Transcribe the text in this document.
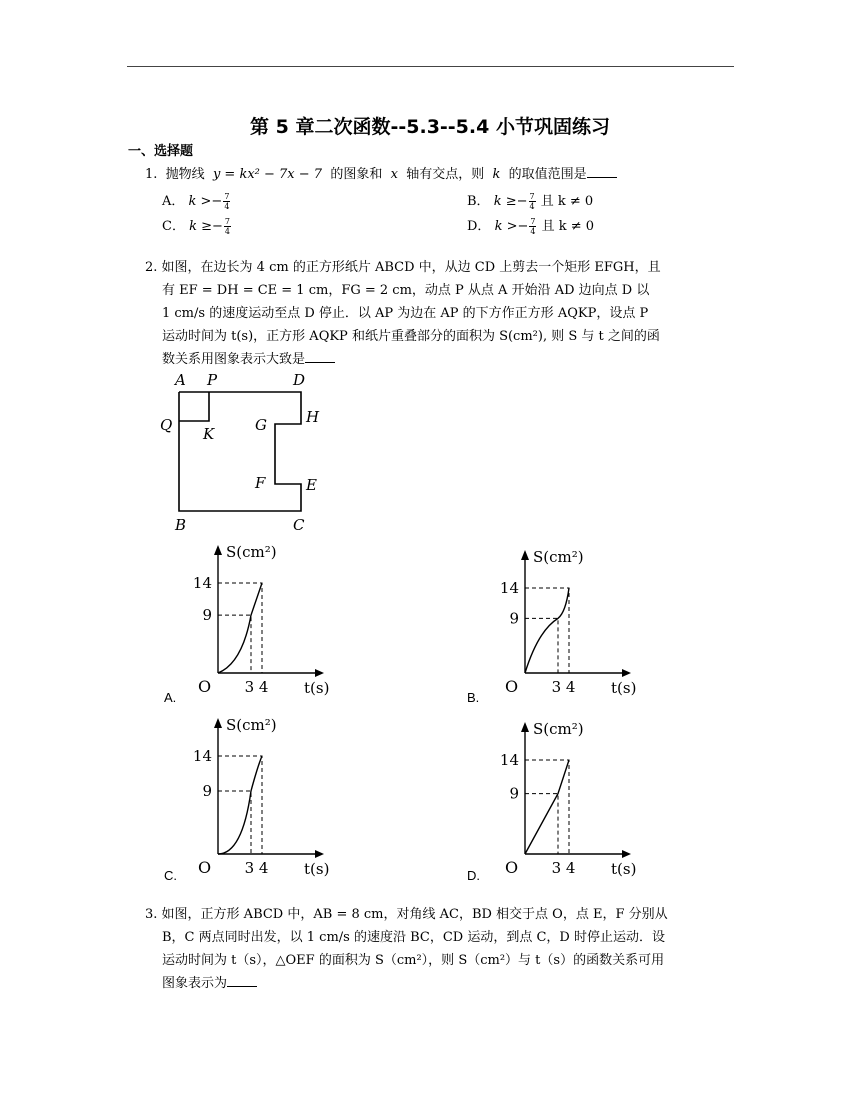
第 5 章二次函数--5.3--5.4 小节巩固练习
一、选择题
1. 抛物线 y = kx² − 7x − 7 的图象和 x 轴有交点，则 k 的取值范围是
A． $k >- \frac{7}{4}$	B． $k \ge- \frac{7}{4}$ 且 k ≠ 0
C． $k \ge- \frac{7}{4}$	D． $k >- \frac{7}{4}$ 且 k ≠ 0
2. 如图，在边长为 4 cm 的正方形纸片 ABCD 中，从边 CD 上剪去一个矩形 EFGH，且
有 EF = DH = CE = 1 cm，FG = 2 cm，动点 P 从点 A 开始沿 AD 边向点 D 以
1 cm/s 的速度运动至点 D 停止．以 AP 为边在 AP 的下方作正方形 AQKP，设点 P
运动时间为 t(s)，正方形 AQKP 和纸片重叠部分的面积为 S(cm²), 则 S 与 t 之间的函
数关系用图象表示大致是
A P	D
Q K	G	H
F	E
B	C
A.	B.
C.	D.
14
9
O 3 4 t(s)
S(cm²)
14
9
O 3 4 t(s)
S(cm²)
14
9
O 3 4 t(s)
S(cm²)
14
9
O 3 4 t(s)
S(cm²)
3. 如图，正方形 ABCD 中，AB = 8 cm，对角线 AC，BD 相交于点 O，点 E，F 分别从
B，C 两点同时出发，以 1 cm/s 的速度沿 BC，CD 运动，到点 C，D 时停止运动．设
运动时间为 t（s），△OEF 的面积为 S（cm²），则 S（cm²）与 t（s）的函数关系可用
图象表示为
